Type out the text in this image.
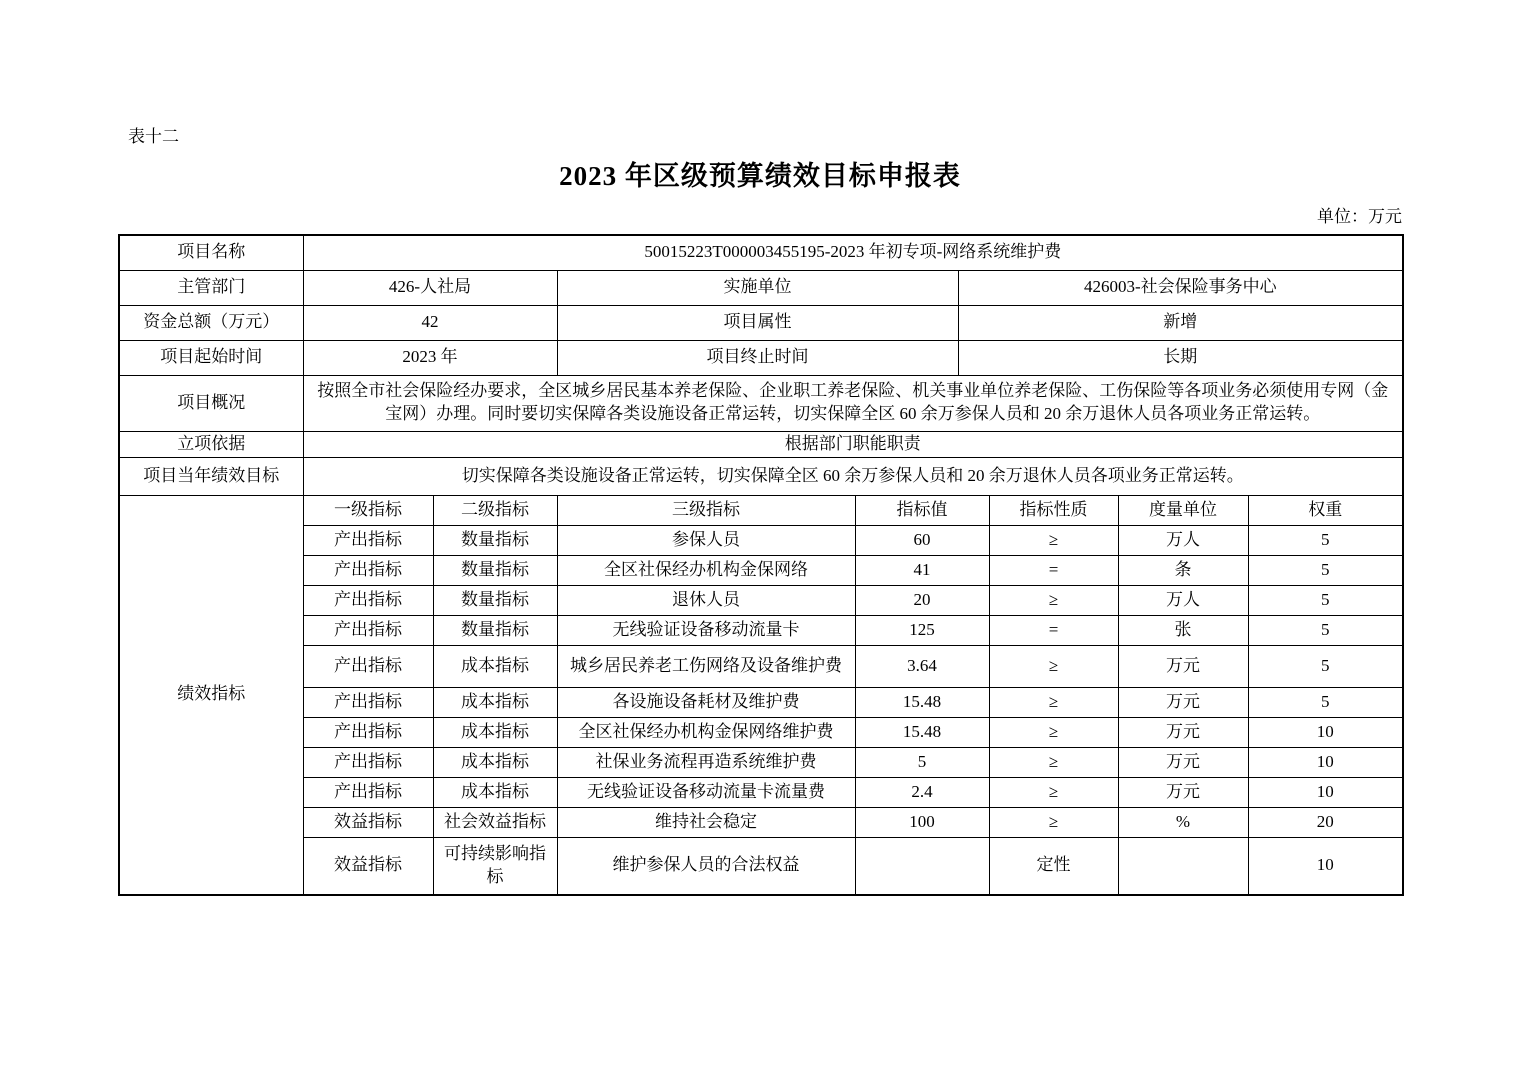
表十二
2023 年区级预算绩效目标申报表
单位：万元
项目名称	50015223T000003455195-2023 年初专项-网络系统维护费							
主管部门	426-人社局		实施单位		426003-社会保险事务中心			
资金总额（万元）	42		项目属性		新增			
项目起始时间	2023 年		项目终止时间		长期			
项目概况	按照全市社会保险经办要求，全区城乡居民基本养老保险、企业职工养老保险、机关事业单位养老保险、工伤保险等各项业务必须使用专网（金宝网）办理。同时要切实保障各类设施设备正常运转，切实保障全区 60 余万参保人员和 20 余万退休人员各项业务正常运转。							
立项依据	根据部门职能职责							
项目当年绩效目标	切实保障各类设施设备正常运转，切实保障全区 60 余万参保人员和 20 余万退休人员各项业务正常运转。							
绩效指标	一级指标	二级指标	三级指标	指标值		指标性质	度量单位	权重
	产出指标	数量指标	参保人员	60		≥	万人	5
	产出指标	数量指标	全区社保经办机构金保网络	41		=	条	5
	产出指标	数量指标	退休人员	20		≥	万人	5
	产出指标	数量指标	无线验证设备移动流量卡	125		=	张	5
	产出指标	成本指标	城乡居民养老工伤网络及设备维护费	3.64		≥	万元	5
	产出指标	成本指标	各设施设备耗材及维护费	15.48		≥	万元	5
	产出指标	成本指标	全区社保经办机构金保网络维护费	15.48		≥	万元	10
	产出指标	成本指标	社保业务流程再造系统维护费	5		≥	万元	10
	产出指标	成本指标	无线验证设备移动流量卡流量费	2.4		≥	万元	10
	效益指标	社会效益指标	维持社会稳定	100		≥	%	20
	效益指标	可持续影响指标	维护参保人员的合法权益			定性		10
